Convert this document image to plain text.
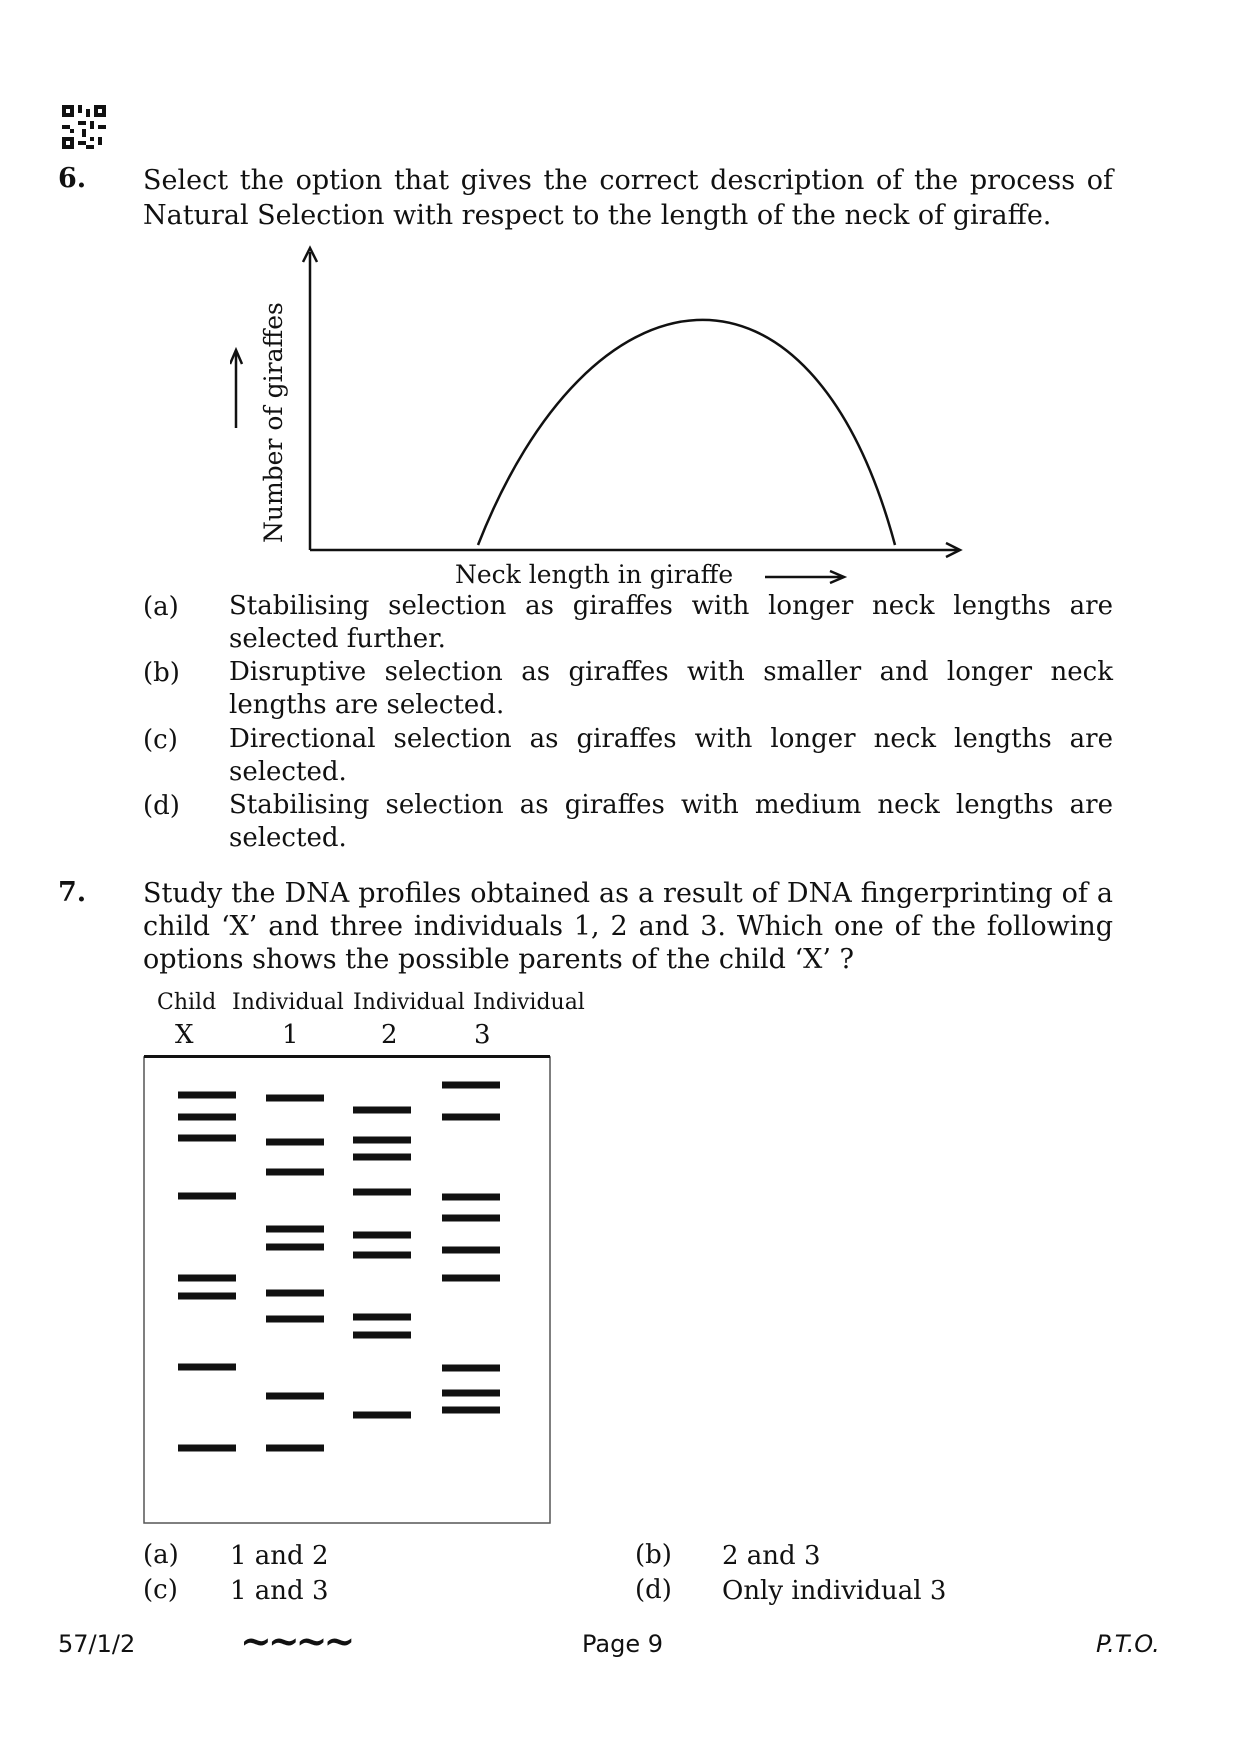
6. Select the option that gives the correct description of the process of Natural Selection with respect to the length of the neck of giraffe.
Number of giraffes
Neck length in giraffe
(a) Stabilising selection as giraffes with longer neck lengths are selected further.
(b) Disruptive selection as giraffes with smaller and longer neck lengths are selected.
(c) Directional selection as giraffes with longer neck lengths are selected.
(d) Stabilising selection as giraffes with medium neck lengths are selected.
7. Study the DNA profiles obtained as a result of DNA fingerprinting of a child ‘X’ and three individuals 1, 2 and 3. Which one of the following options shows the possible parents of the child ‘X’ ?
Child Individual Individual Individual
X	1	2	3
(a) 1 and 2	(b) 2 and 3
(c) 1 and 3	(d) Only individual 3
57/1/2	~~~~	Page 9	P.T.O.
